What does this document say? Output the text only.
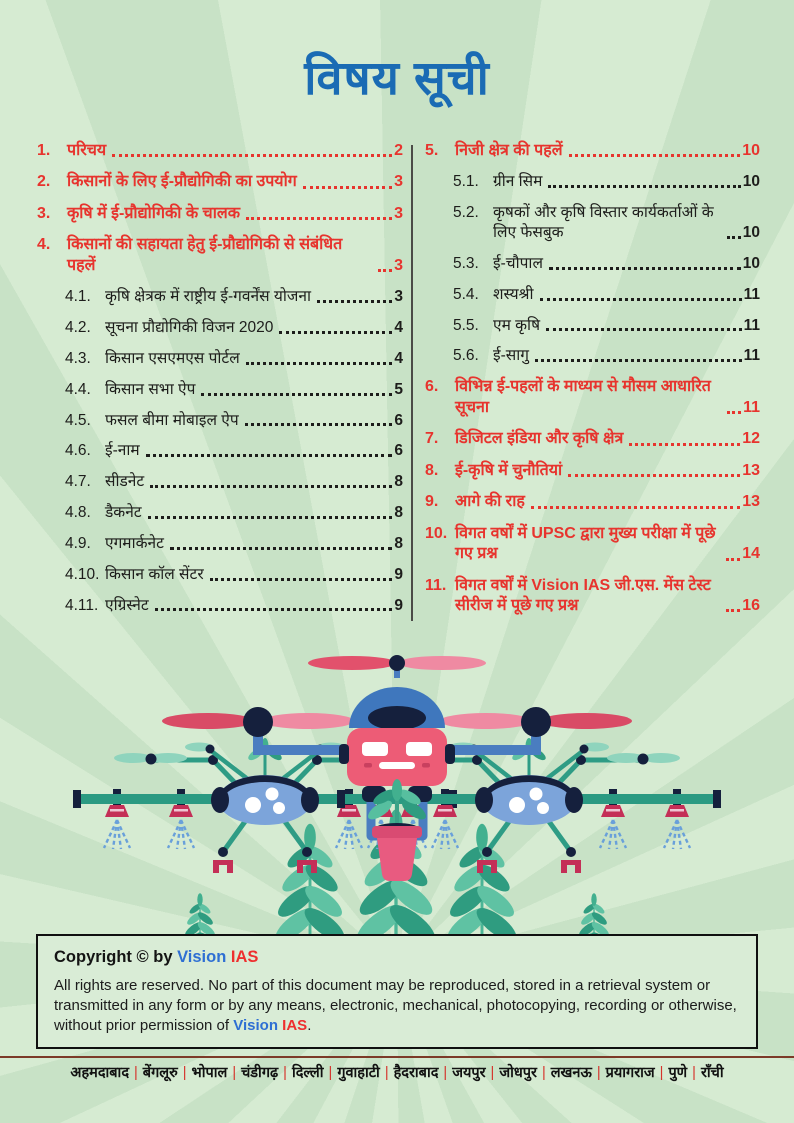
विषय सूची
1.	परिचय	2
2.	किसानों के लिए ई-प्रौद्योगिकी का उपयोग	3
3.	कृषि में ई-प्रौद्योगिकी के चालक	3
4.	किसानों की सहायता हेतु ई-प्रौद्योगिकी से संबंधित पहलें	3
4.1. कृषि क्षेत्रक में राष्ट्रीय ई-गवर्नेंस योजना	3
4.2. सूचना प्रौद्योगिकी विजन 2020	4
4.3. किसान एसएमएस पोर्टल	4
4.4. किसान सभा ऐप	5
4.5. फसल बीमा मोबाइल ऐप	6
4.6. ई-नाम	6
4.7. सीडनेट	8
4.8. डैकनेट	8
4.9. एगमार्कनेट	8
4.10. किसान कॉल सेंटर	9
4.11. एग्रिस्नेट	9
5.	निजी क्षेत्र की पहलें	10
5.1. ग्रीन सिम	10
5.2. कृषकों और कृषि विस्तार कार्यकर्ताओं के लिए फेसबुक	10
5.3. ई-चौपाल	10
5.4. शस्यश्री	11
5.5. एम कृषि	11
5.6. ई-सागु	11
6.	विभिन्न ई-पहलों के माध्यम से मौसम आधारित सूचना	11
7.	डिजिटल इंडिया और कृषि क्षेत्र	12
8.	ई-कृषि में चुनौतियां	13
9.	आगे की राह	13
10. विगत वर्षों में UPSC द्वारा मुख्य परीक्षा में पूछे गए प्रश्न	14
11. विगत वर्षों में Vision IAS जी.एस. मेंस टेस्ट सीरीज में पूछे गए प्रश्न	16

Copyright © by Vision IAS

All rights are reserved. No part of this document may be reproduced, stored in a retrieval system or transmitted in any form or by any means, electronic, mechanical, photocopying, recording or otherwise, without prior permission of Vision IAS.

अहमदाबाद | बेंगलूरु | भोपाल | चंडीगढ़ | दिल्ली | गुवाहाटी | हैदराबाद | जयपुर | जोधपुर | लखनऊ | प्रयागराज | पुणे | राँची
